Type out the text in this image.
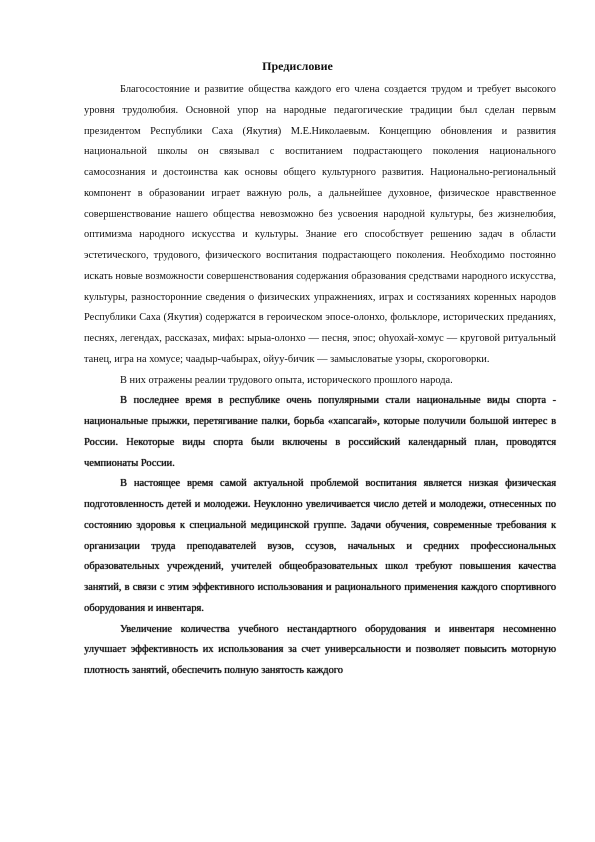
Предисловие

Благосостояние и развитие общества каждого его члена создается трудом и требует высокого уровня трудолюбия. Основной упор на народные педагогические традиции был сделан первым президентом Республики Саха (Якутия) М.Е.Николаевым. Концепцию обновления и развития национальной школы он связывал с воспитанием подрастающего поколения национального самосознания и достоинства как основы общего культурного развития. Национально-региональный компонент в образовании играет важную роль, а дальнейшее духовное, физическое нравственное совершенствование нашего общества невозможно без усвоения народной культуры, без жизнелюбия, оптимизма народного искусства и культуры. Знание его способствует решению задач в области эстетического, трудового, физического воспитания подрастающего поколения. Необходимо постоянно искать новые возможности совершенствования содержания образования средствами народного искусства, культуры, разносторонние сведения о физических упражнениях, играх и состязаниях коренных народов Республики Саха (Якутия) содержатся в героическом эпосе-олонхо, фольклоре, исторических преданиях, песнях, легендах, рассказах, мифах: ырыа-олонхо — песня, эпос; оhуохай-хомус — круговой ритуальный танец, игра на хомусе; чаадыр-чабырах, ойуу-бичик — замысловатые узоры, скороговорки.

В них отражены реалии трудового опыта, исторического прошлого народа.

В последнее время в республике очень популярными стали национальные виды спорта - национальные прыжки, перетягивание палки, борьба «хапсагай», которые получили большой интерес в России. Некоторые виды спорта были включены в российский календарный план, проводятся чемпионаты России.

В настоящее время самой актуальной проблемой воспитания является низкая физическая подготовленность детей и молодежи. Неуклонно увеличивается число детей и молодежи, отнесенных по состоянию здоровья к специальной медицинской группе. Задачи обучения, современные требования к организации труда преподавателей вузов, ссузов, начальных и средних профессиональных образовательных учреждений, учителей общеобразовательных школ требуют повышения качества занятий, в связи с этим эффективного использования и рационального применения каждого спортивного оборудования и инвентаря.

Увеличение количества учебного нестандартного оборудования и инвентаря несомненно улучшает эффективность их использования за счет универсальности и позволяет повысить моторную плотность занятий, обеспечить полную занятость каждого
